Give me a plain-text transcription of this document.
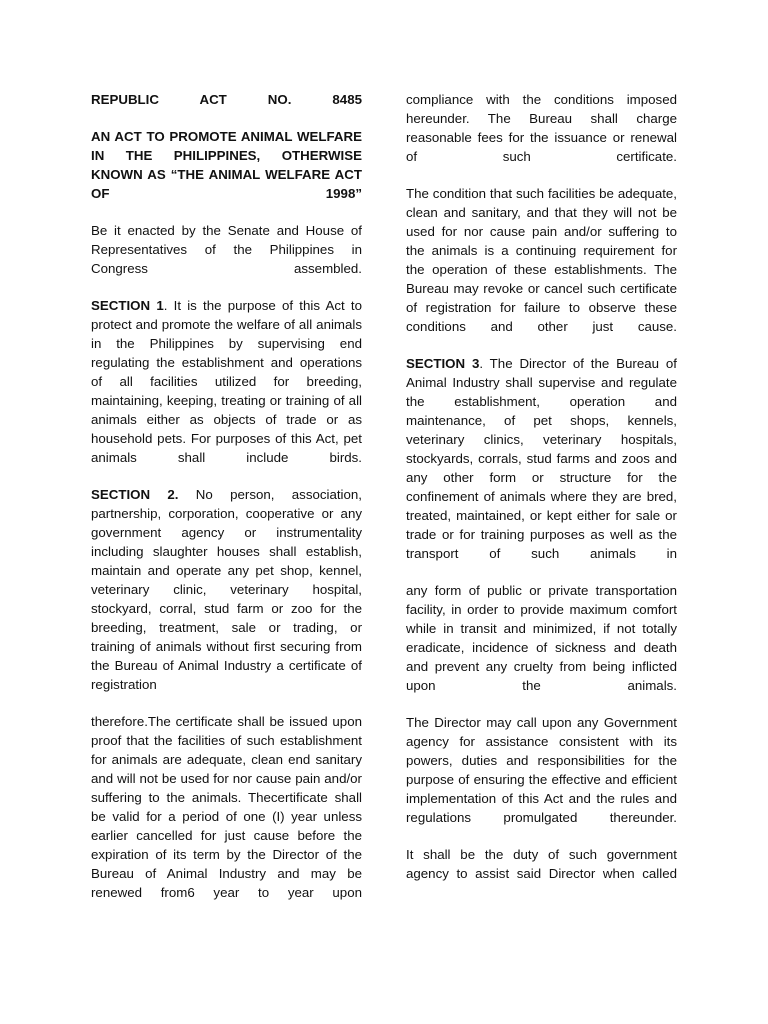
REPUBLIC ACT NO. 8485

AN ACT TO PROMOTE ANIMAL WELFARE IN THE PHILIPPINES, OTHERWISE KNOWN AS “THE ANIMAL WELFARE ACT OF 1998”

Be it enacted by the Senate and House of Representatives of the Philippines in Congress assembled.

SECTION 1. It is the purpose of this Act to protect and promote the welfare of all animals in the Philippines by supervising end regulating the establishment and operations of all facilities utilized for breeding, maintaining, keeping, treating or training of all animals either as objects of trade or as household pets. For purposes of this Act, pet animals shall include birds.

SECTION 2. No person, association, partnership, corporation, cooperative or any government agency or instrumentality including slaughter houses shall establish, maintain and operate any pet shop, kennel, veterinary clinic, veterinary hospital, stockyard, corral, stud farm or zoo for the breeding, treatment, sale or trading, or training of animals without first securing from the Bureau of Animal Industry a certificate of registration

therefore.The certificate shall be issued upon proof that the facilities of such establishment for animals are adequate, clean end sanitary and will not be used for nor cause pain and/or suffering to the animals. Thecertificate shall be valid for a period of one (I) year unless earlier cancelled for just cause before the expiration of its term by the Director of the Bureau of Animal Industry and may be renewed from6 year to year upon

compliance with the conditions imposed hereunder. The Bureau shall charge reasonable fees for the issuance or renewal of such certificate.

The condition that such facilities be adequate, clean and sanitary, and that they will not be used for nor cause pain and/or suffering to the animals is a continuing requirement for the operation of these establishments. The Bureau may revoke or cancel such certificate of registration for failure to observe these conditions and other just cause.

SECTION 3. The Director of the Bureau of Animal Industry shall supervise and regulate the establishment, operation and maintenance, of pet shops, kennels, veterinary clinics, veterinary hospitals, stockyards, corrals, stud farms and zoos and any other form or structure for the confinement of animals where they are bred, treated, maintained, or kept either for sale or trade or for training purposes as well as the transport of such animals in

any form of public or private transportation facility, in order to provide maximum comfort while in transit and minimized, if not totally eradicate, incidence of sickness and death and prevent any cruelty from being inflicted upon the animals.

The Director may call upon any Government agency for assistance consistent with its powers, duties and responsibilities for the purpose of ensuring the effective and efficient implementation of this Act and the rules and regulations promulgated thereunder.

It shall be the duty of such government agency to assist said Director when called
